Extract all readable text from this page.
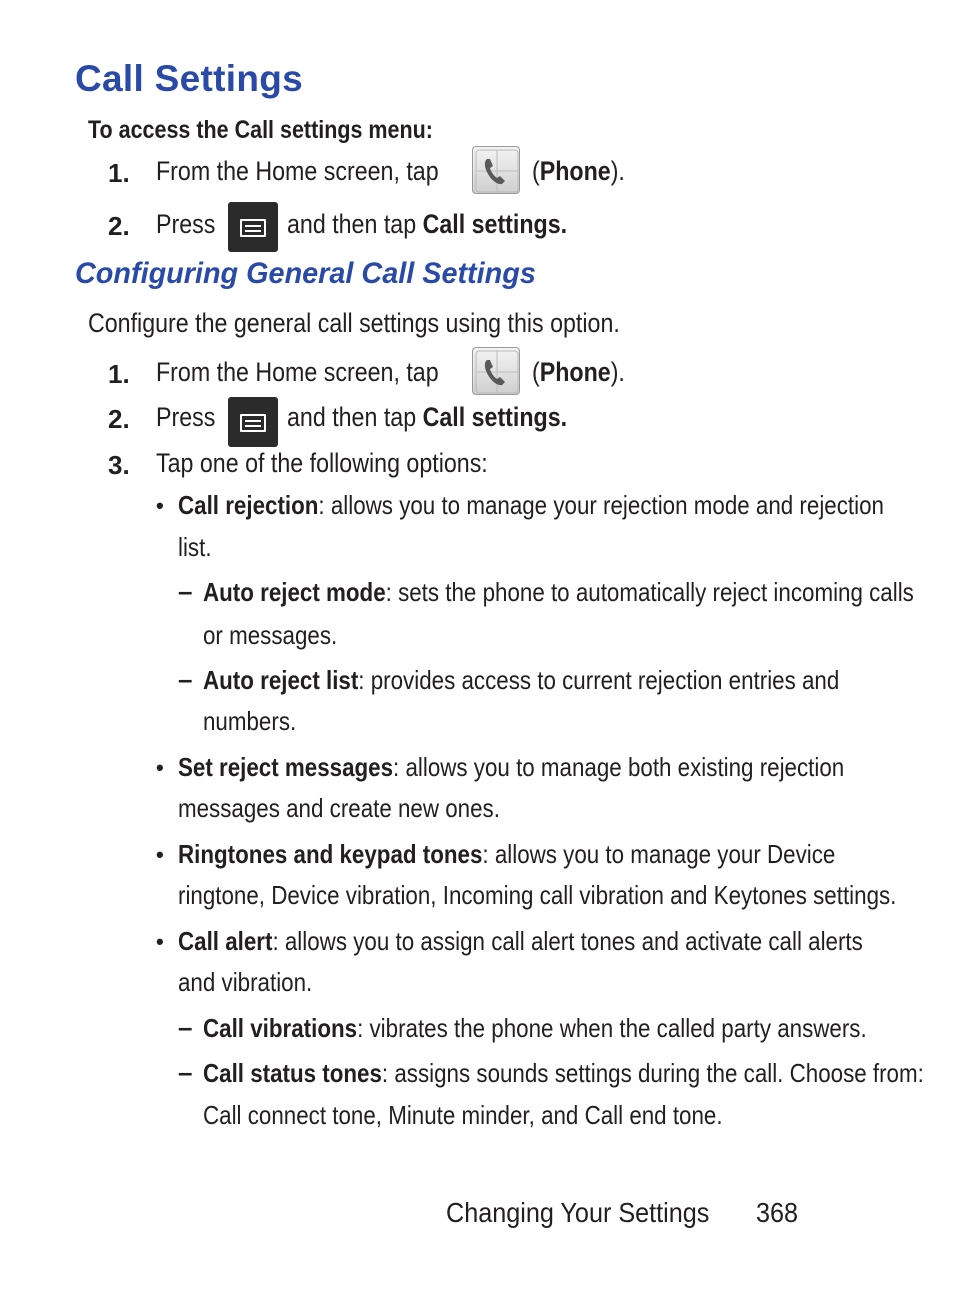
Call Settings
To access the Call settings menu:
1. From the Home screen, tap	(Phone).
2. Press	and then tap Call settings.
Configuring General Call Settings
Configure the general call settings using this option.
1. From the Home screen, tap	(Phone).
2. Press	and then tap Call settings.
3. Tap one of the following options:
• Call rejection: allows you to manage your rejection mode and rejection
list.
– Auto reject mode: sets the phone to automatically reject incoming calls
or messages.
– Auto reject list: provides access to current rejection entries and
numbers.
• Set reject messages: allows you to manage both existing rejection
messages and create new ones.
• Ringtones and keypad tones: allows you to manage your Device
ringtone, Device vibration, Incoming call vibration and Keytones settings.
• Call alert: allows you to assign call alert tones and activate call alerts
and vibration.
– Call vibrations: vibrates the phone when the called party answers.
– Call status tones: assigns sounds settings during the call. Choose from:
Call connect tone, Minute minder, and Call end tone.
Changing Your Settings 368
